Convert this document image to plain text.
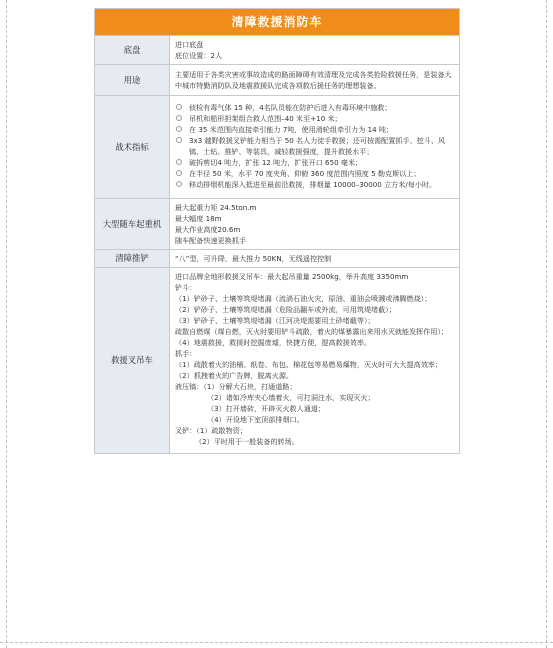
清障救援消防车
底盘

进口底盘

底位设置：2人

用途

主要适用于各类灾害或事故造成的路面障碍有效清理及完成各类抢险救援任务，是装备大中城市特勤消防队及地震救援队完成各项救后援任务的理想装备。

战术指标
侦检有毒气体 15 种，4名队员能在防护后进入有毒环境中施救；
吊机和船形担架组合救人范围–40 米至+10 米；
在 35 米范围内直接牵引能力 7吨，使用滑轮组牵引力为 14 吨；
3x3 越野救援叉铲能力相当于 50 名人力徒手救援；还可按需配置抓手、挖斗、风镐、土钻、推铲、等装具，减轻救援强度，提升救援水平；
破拆剪切4 吨力，扩张 12 吨力，扩张开口 650 毫米；
在半径 50 米，水平 70 度夹角、仰俯 360 度范围内照度 5 勒克斯以上；
移动排烟机能深入抵进至最前沿救援，排烟量 10000–30000 立方米/每小时。
大型随车起重机

最大起重力矩 24.5ton.m

最大幅度 18m

最大作业高度20.6m

随车配备快速更换抓手

清障推铲	“八”型，可升降，最大推力 50KN，无线遥控控制

救援叉吊车

进口品牌全地形救援叉吊车：最大起吊重量 2500kg，举升高度 3350mm

铲斗：

（1）铲砂子、土壤等筑堤堵漏（流淌石油火灾，原油、重油会喷溅或沸腾燃烧）；

（2）铲砂子、土壤等筑堤堵漏（危险品翻车或外流，可用筑堤堵截）；

（3）铲砂子、土壤等筑堤堵漏（江河决堤需要用土砂堵截等）；

疏散自燃煤（煤自燃，灭火时要用铲斗疏散，着火的煤暴露出来用水灭就能发挥作用）；

（4）地震救援，救援时挖掘废墟，快捷方便，提高救援效率。

抓手：

（1）疏散着火的油桶、纸卷、布包、棉花包等易燃易爆物，灭火时可大大提高效率；

（2）抓拽着火的广告牌，脱离火源。

液压镐：（1）分解大石块，打通道路；

（2）诸如冷库夹心墙着火，可打洞注水，实现灭火；

（3）打开墙砖，开辟灭火救人通道；

（4）开设地下室顶部排烟口。

叉铲：（1）疏散物资；

（2）平时用于一般装备的转场。
